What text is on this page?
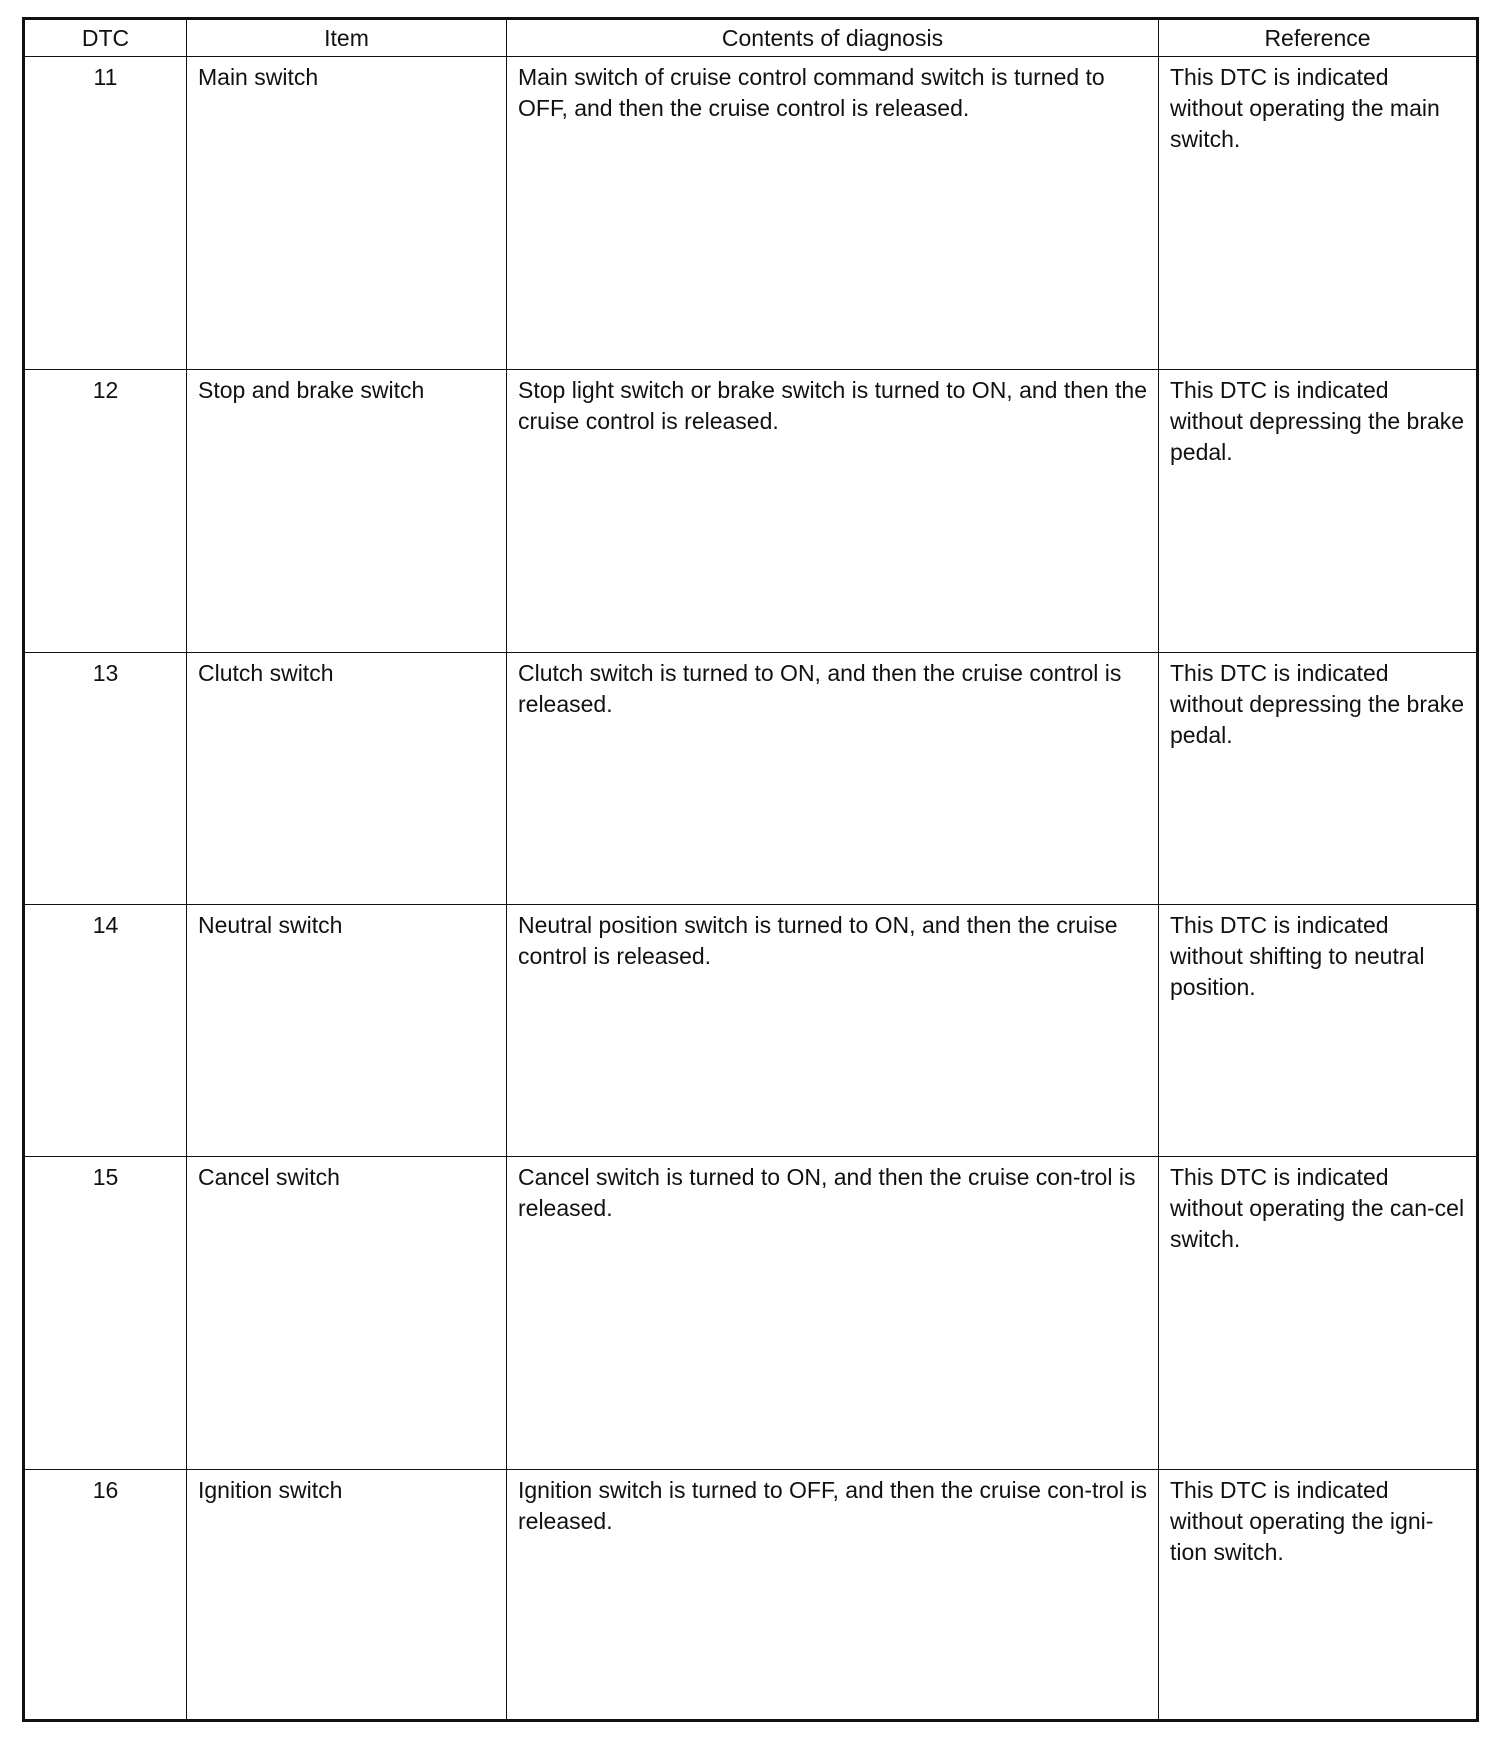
DTC	Item	Contents of diagnosis	Reference
11	Main switch	Main switch of cruise control command switch is turned to OFF, and then the cruise control is released.	This DTC is indicated without operating the main switch.
12	Stop and brake switch	Stop light switch or brake switch is turned to ON, and then the cruise control is released.	This DTC is indicated without depressing the brake pedal.
13	Clutch switch	Clutch switch is turned to ON, and then the cruise control is released.	This DTC is indicated without depressing the brake pedal.
14	Neutral switch	Neutral position switch is turned to ON, and then the cruise control is released.	This DTC is indicated without shifting to neutral position.
15	Cancel switch	Cancel switch is turned to ON, and then the cruise con-trol is released.	This DTC is indicated without operating the can-cel switch.
16	Ignition switch	Ignition switch is turned to OFF, and then the cruise con-trol is released.	This DTC is indicated without operating the igni-tion switch.
